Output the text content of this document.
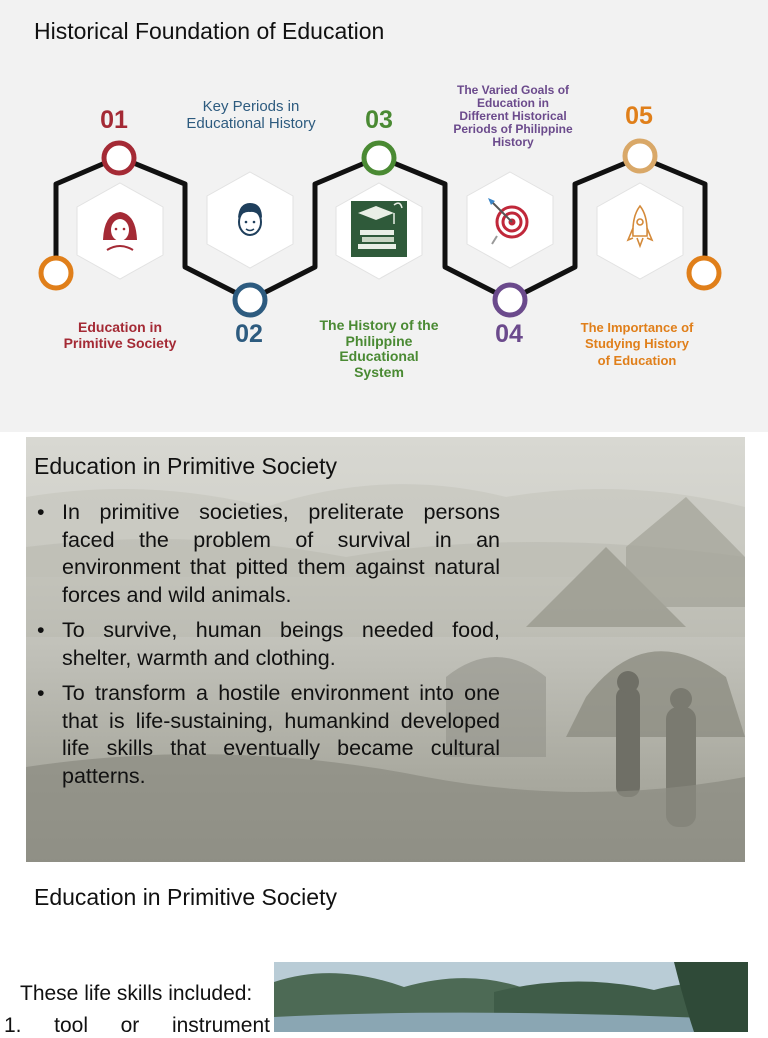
Historical Foundation of Education
01
02
03
04
05
Education in Primitive Society
Key Periods in Educational History
The History of the Philippine Educational System
The Varied Goals of Education in Different Historical Periods of Philippine History
The Importance of Studying History of Education
Education in Primitive Society
• In primitive societies, preliterate persons faced the problem of survival in an environment that pitted them against natural forces and wild animals.
• To survive, human beings needed food, shelter, warmth and clothing.
• To transform a hostile environment into one that is life-sustaining, humankind developed life skills that eventually became cultural patterns.
Education in Primitive Society
These life skills included:
1. tool or instrument
